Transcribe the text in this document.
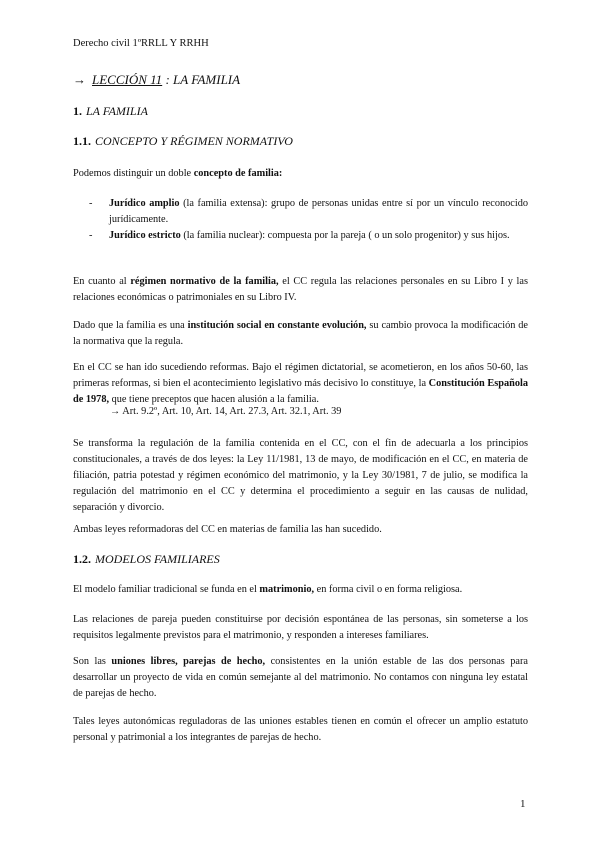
Derecho civil 1ºRRLL Y RRHH
→ LECCIÓN 11 : LA FAMILIA
1. LA FAMILIA
1.1. CONCEPTO Y RÉGIMEN NORMATIVO

Podemos distinguir un doble concepto de familia:

- Jurídico amplio (la familia extensa): grupo de personas unidas entre sí por un vínculo reconocido jurídicamente.
- Jurídico estricto (la familia nuclear): compuesta por la pareja ( o un solo progenitor) y sus hijos.

En cuanto al régimen normativo de la familia, el CC regula las relaciones personales en su Libro I y las relaciones económicas o patrimoniales en su Libro IV.

Dado que la familia es una institución social en constante evolución, su cambio provoca la modificación de la normativa que la regula.

En el CC se han ido sucediendo reformas. Bajo el régimen dictatorial, se acometieron, en los años 50-60, las primeras reformas, si bien el acontecimiento legislativo más decisivo lo constituye, la Constitución Española de 1978, que tiene preceptos que hacen alusión a la familia.

→ Art. 9.2º, Art. 10, Art. 14, Art. 27.3, Art. 32.1, Art. 39

Se transforma la regulación de la familia contenida en el CC, con el fin de adecuarla a los principios constitucionales, a través de dos leyes: la Ley 11/1981, 13 de mayo, de modificación en el CC, en materia de filiación, patria potestad y régimen económico del matrimonio, y la Ley 30/1981, 7 de julio, se modifica la regulación del matrimonio en el CC y determina el procedimiento a seguir en las causas de nulidad, separación y divorcio.

Ambas leyes reformadoras del CC en materias de familia las han sucedido.

1.2. MODELOS FAMILIARES

El modelo familiar tradicional se funda en el matrimonio, en forma civil o en forma religiosa.

Las relaciones de pareja pueden constituirse por decisión espontánea de las personas, sin someterse a los requisitos legalmente previstos para el matrimonio, y responden a intereses familiares.

Son las uniones libres, parejas de hecho, consistentes en la unión estable de las dos personas para desarrollar un proyecto de vida en común semejante al del matrimonio. No contamos con ninguna ley estatal de parejas de hecho.

Tales leyes autonómicas reguladoras de las uniones estables tienen en común el ofrecer un amplio estatuto personal y patrimonial a los integrantes de parejas de hecho.

1
